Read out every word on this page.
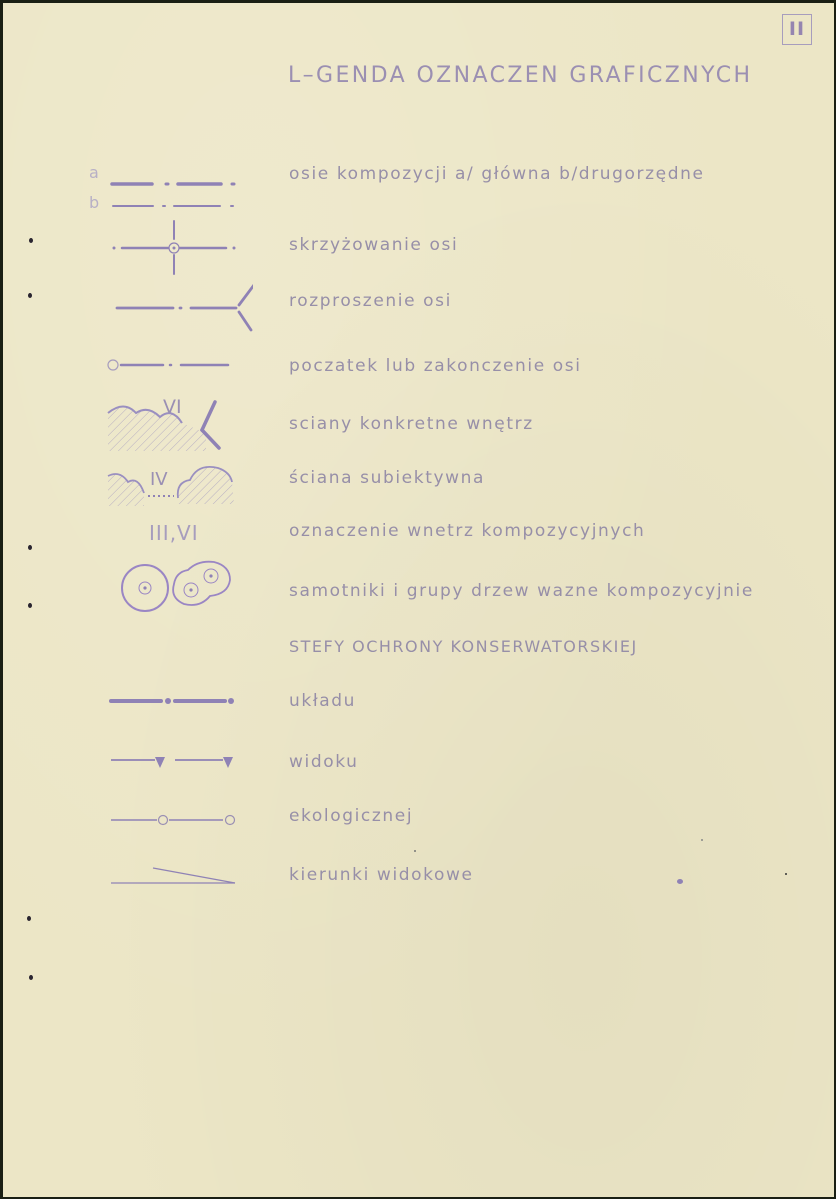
II
L–GENDA OZNACZEN GRAFICZNYCH
a
b
osie kompozycji a/ główna b/drugorzędne
skrzyżowanie osi
rozproszenie osi
poczatek lub zakonczenie osi
VI
sciany konkretne wnętrz
IV	ściana subiektywna
III,VI	oznaczenie wnetrz kompozycyjnych
samotniki i grupy drzew wazne kompozycyjnie
STEFY OCHRONY KONSERWATORSKIEJ
układu
widoku
ekologicznej
kierunki widokowe
